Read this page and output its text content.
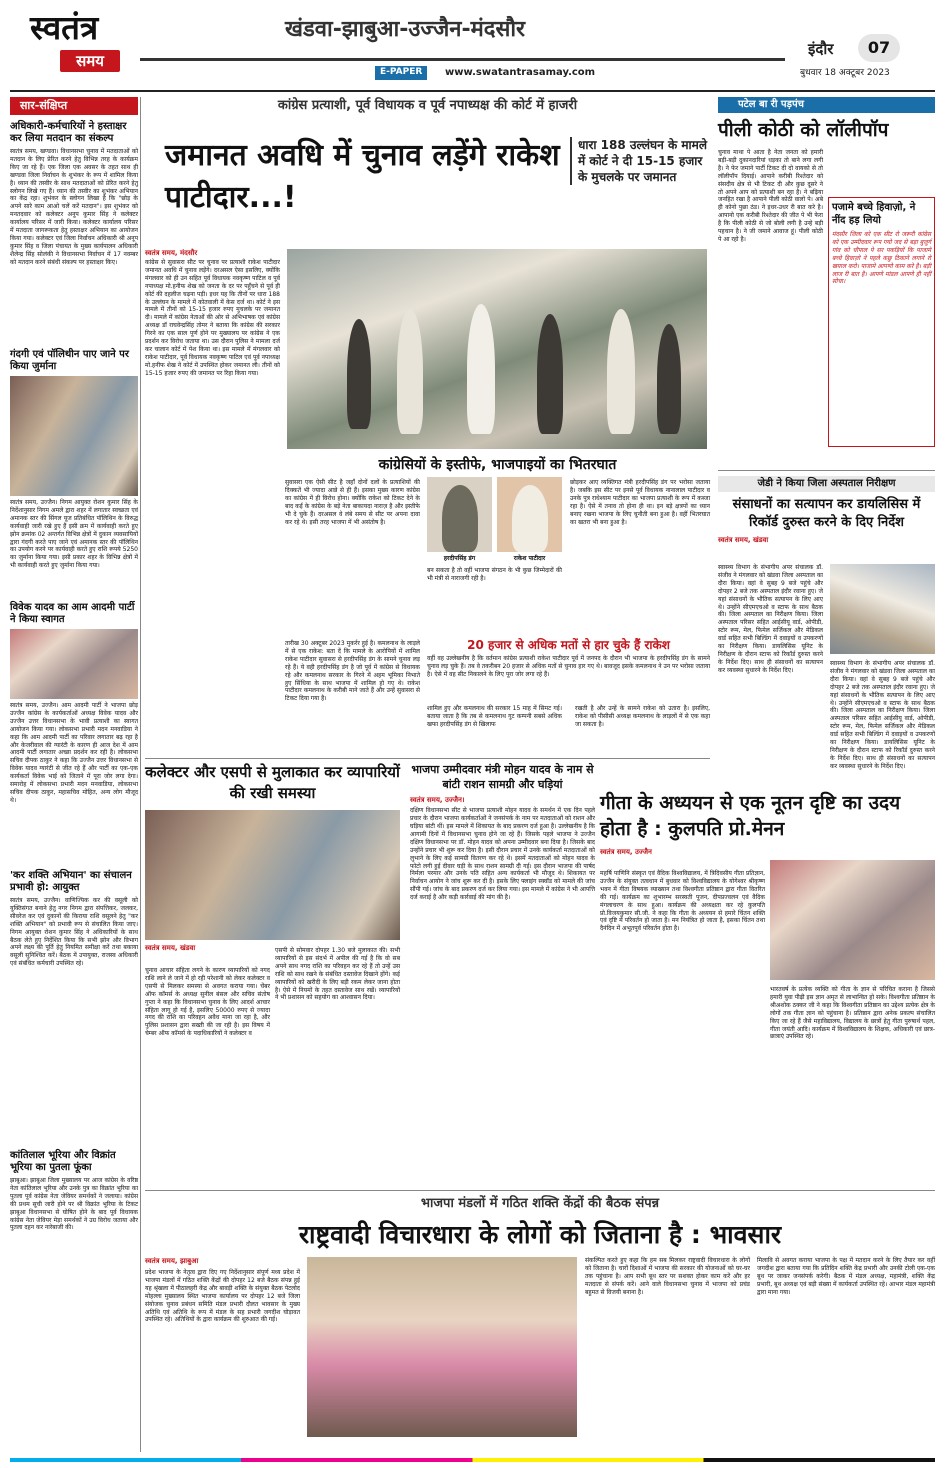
स्वतंत्र
समय
खंडवा-झाबुआ-उज्जैन-मंदसौर
E-PAPER	www.swatantrasamay.com
इंदौर	07
बुधवार 18 अक्टूबर 2023
सार-संक्षिप्त
अधिकारी-कर्मचारियों ने हस्ताक्षर कर लिया मतदान का संकल्प
स्वतंत्र समय, खण्डवा। विधानसभा चुनाव में मतदाताओं को मतदान के लिए प्रेरित करने हेतु विभिन्न तरह के कार्यक्रम किए जा रहे हैं। एक जिला एक अवसर के तहत साथ ही खण्डवा जिला निर्वाचन के शुभंकर के रूप में शामिल किया है। ध्यान की तस्वीर के साथ मतदाताओं को प्रेरित करने हेतु स्लोगन लिखे गए हैं। ध्यान की तस्वीर का शुभंकर अभियान का केंद्र रहा। शुभंकर के स्लोगन लिखा है कि "छोड़ के अपने सारे काम आओ चलें करें मतदान"। इस शुभंकर को मनतदवार को कलेक्टर अनूप कुमार सिंह ने कलेक्टर कार्यालय परिसर में जारी किया। कलेक्टर कार्यालय परिसर में मतदाता जागरूकता हेतु हस्ताक्षर अभियान का आयोजन किया गया। कलेक्टर एवं जिला निर्वाचन अधिकारी श्री अनूप कुमार सिंह व जिला पंचायत के मुख्य कार्यपालन अधिकारी शैलेन्द्र सिंह सोलंकी ने विधानसभा निर्वाचन में 17 नवम्बर को मतदान करने संबंधी संकल्प पर हस्ताक्षर किए।
गंदगी एवं पॉलिथीन पाए जाने पर किया जुर्माना
स्वतंत्र समय, उज्जैन। निगम आयुक्त रोशन कुमार सिंह के निर्देशानुसार निगम अमले द्वारा शहर में लगातार स्वच्छता एवं अमानक स्तर की सिंगल यूज प्रतिबंधित पॉलिथिन के विरुद्ध कार्यवाही जारी रखे हुए हैं इसी क्रम में कार्यवाही करते हुए झोन क्रमांक 02 अन्तर्गत विभिन्न क्षेत्रों में दुकान व्यवसायियों द्वारा गंदगी करते पाए जाने एवं अमानक स्तर की पॉलिथिन का उपयोग करने पर कार्यवाही करते हुए राशि रूपये 5250 का जुर्माना किया गया। इसी प्रकार शहर के विभिन्न क्षेत्रों में भी कार्यवाही करते हुए जुर्माना किया गया।
विवेक यादव का आम आदमी पार्टी ने किया स्वागत
स्वतंत्र समय, उज्जैन। आम आदमी पार्टी ने भाजपा छोड़ उज्जैन कांग्रेस के कार्यकर्ताओं अध्यक्ष विवेक यादव और उज्जैन उत्तर विधानसभा के भावी प्रत्याशी का स्वागत आयोजन किया गया। लोकसभा प्रभारी मदन मनवाडिया ने कहा कि आम आदमी पार्टी का परिवार लगातार बढ़ रहा है और केजरीवाल की ग्यारंटी के कारण ही आज देश में आम आदमी पार्टी लगातार अच्छा प्रदर्शन कर रही है। लोकसभा सचिव दीपक ठाकुर ने कहा कि उज्जैन उत्तर विधानसभा से विवेक यादव ग्यारंटी से जीत रहे हैं और पार्टी का एक-एक कार्यकर्ता विवेक भाई को जिताने में पूरा जोर लगा देगा। समारोह में लोकसभा प्रभारी मदन मनवाडिया, लोकसभा सचिव दीपक ठाकुर, महासचिव मोहित, अन्य लोग मौजूद थे।
'कर शक्ति अभियान' का संचालन प्रभावी हो: आयुक्त
स्वतंत्र समय, उज्जैन। वाणिज्यिक कर की वसूली को युक्तिसंगत बनाने हेतु नगर निगम द्वारा संपत्तिकर, जलकर, सीवरेज कर एवं दुकानों की किराया राशि वसूलने हेतु "कर शक्ति अभियान" को प्रभावी रूप से संचालित किया जाए। निगम आयुक्त रोशन कुमार सिंह ने अधिकारियों के साथ बैठक लेते हुए निर्देशित किया कि सभी झोन और विभाग अपने लक्ष्य की पूर्ति हेतु नियमित समीक्षा करें तथा बकाया वसूली सुनिश्चित करें। बैठक में उपायुक्त, राजस्व अधिकारी एवं संबंधित कर्मचारी उपस्थित रहे।
कांतिलाल भूरिया और विक्रांत भूरिया का पुतला फूंका
झाबुआ। झाबुआ जिला मुख्यालय पर आज कांग्रेस के वरिष्ठ नेता कांतिलाल भूरिया और उनके पुत्र का विक्रांत भूरिया का पुतला पूर्व कांग्रेस नेता जेवियर समर्थकों ने जलाया। कांग्रेस की प्रथम सूची जारी होने पर श्री विक्रांत भूरिया के टिकट झाबुआ विधानसभा से घोषित होने के बाद पूर्व विधायक कांग्रेस नेता जेवियर मेड़ा समर्थकों ने उग्र विरोध जताया और पुतला दहन कर नारेबाजी की।
कांग्रेस प्रत्याशी, पूर्व विधायक व पूर्व नपाध्यक्ष की कोर्ट में हाजरी
जमानत अवधि में चुनाव लड़ेंगे राकेश पाटीदार...!
धारा 188 उल्लंघन के मामले में कोर्ट ने दी 15-15 हजार के मुचलके पर जमानत
स्वतंत्र समय, मंदसौर
कांग्रेस से सुवासरा सीट पर चुनाव पर प्रत्याशी राकेश पाटीदार जमानत अवधि में चुनाव लड़ेंगे। दरअसल ऐसा इसलिए, क्योंकि मंगलवार को ही उन सहित पूर्व विधायक नवकृष्ण पाटिल व पूर्व नपाध्यक्ष मो.हनीफ शेख को जनता के दर पर पहुँचने से पूर्व ही कोर्ट की दहलीज चढ़ना पड़ी। इधर यह कि तीनों पर धारा 188 के उल्लंघन के मामले में कोतवाली में केस दर्ज था। कोर्ट ने इस मामले में तीनों को 15-15 हजार रुपए मुचलके पर जमानत दी। मामले में कांग्रेस नेताओं की ओर से अभिभाषक एवं कांग्रेस अध्यक्ष डॉ राघवेन्द्रसिंह तोमर ने बताया कि कांग्रेस की सरकार गिरने का एक साल पूर्ण होने पर मुख्यालय पर कांग्रेस ने एक प्रदर्शन कर विरोध जताया था। उस दौरान पुलिस ने मामला दर्ज कर चालान कोर्ट में पेश किया था। इस मामले में मंगलवार को राकेश पाटीदार, पूर्व विधायक नवकृष्ण पाटिल एवं पूर्व नपाध्यक्ष मो.हनीफ शेख ने कोर्ट में उपस्थित होकर जमानत ली। तीनों को 15-15 हजार रुपए की जमानत पर रिहा किया गया।
कांग्रेसियों के इस्तीफे, भाजपाइयों का भितरघात
सुवासरा एक ऐसी सीट है जहाँ दोनों दलों के प्रत्याशियों की दिक्कतें भी ज्यादा आन्ने से ही हैं। इसका मुख्य कारण कांग्रेस का कांग्रेस में ही विरोध होना। क्योंकि राकेश को टिकट देने के बाद कईं के कांग्रेस के बड़े नेता बाकायदा नाराज़ है और इस्तीफे भी दे चुके हैं। दरअसल वे लंबे समय से सीट पर अपना दावा कर रहे थे। इसी तरह भाजपा में भी असंतोष है।
हरदीपसिंह डंग	राकेश पाटीदार
बन सकता है तो वहीं भाजपा संगठन के भी कुछ जिम्मेदारों की भी मंत्री से नाराजगी रही है।
छोड़कर आए व्यक्तिगत मंत्री हरदीपसिंह डंग पर भरोसा जताया है। जबकि इस सीट पर इनसे पूर्व विधायक नानालाल पाटीदार व उनके पुत्र राधेश्याम पाटीदार का भाजपा प्रत्याशी के रूप में कब्जा रहा है। ऐसे में तनाव तो होना ही था। इन बड़े क्षत्रपों का ध्यान बनाए रखना भाजपा के लिए चुनौती बना हुआ है। वहीं भितरघात का खतरा भी बना हुआ है।
तारीख 30 अक्टूबर 2023 मुकर्रर हुई है। कमलनाथ के लाड़ले में से एक राकेश: बता दें कि मामले के आरोपियों में शामिल राकेश पाटीदार सुवासरा से हरदीपसिंह डंग के सामने चुनाव लड़ रहे हैं। ये वही हरदीपसिंह डंग है जो पूर्व में कांग्रेस से विधायक रहे और कमलनाथ सरकार के गिरने में अहम भूमिका निभाते हुए सिंधिया के साथ भाजपा में शामिल हो गए थे। राकेश पाटीदार कमलनाथ के करीबी माने जाते हैं और उन्हें सुवासरा से टिकट दिया गया है।
20 हजार से अधिक मतों से हार चुके हैं राकेश
वहीं वह उल्लेखनीय है कि वर्तमान कांग्रेस प्रत्याशी राकेश पाटीदार पूर्व में जनपद के दौरान भी भाजपा के हरदीपसिंह डंग के सामने चुनाव लड़ चुके हैं। तब वे तकरीबन 20 हजार से अधिक मतों से चुनाव हार गए थे। बावजूद इसके कमलनाथ ने उन पर भरोसा जताया है। ऐसे में वह सीट निकालने के लिए पूरा जोर लगा रहे हैं।
शामिल हुए और कमलनाथ की सरकार 15 माह में सिमट गई। बताया जाता है कि तब से कमलनाथ गुट कम्पनी सबसे अधिक खफा हरदीपसिंह डंग से खिलाफ
रखती है और उन्हें के सामने राकेश को उतारा है। इसलिए, राकेश को पीसीसी अध्यक्ष कमलनाथ के लाड़लों में से एक कहा जा सकता है।
पटेल बा री पड़पंच
पीली कोठी को लॉलीपॉप
चुनाव माथा पे आता है नेता जनता को हमारी बड़ी-बड़ी दुकानदारियां धड़का तो बाने लगा लगी है। ने फेर जमाने पार्टी टिकट दी दो वायको से तो लॉलीपॉप दियाई। आपाने करीबी रिश्तेदार को संसदीय क्षेत्र से भी टिकट दी और कुछ दूसरे ने तो अपने आप को प्रत्याशी बन रहा है। ने बढ़िया जनहित रखा है आपाने पीली कोठी वालो पे। अबे ही कोनो पुछा ठंड। ने इधर-उधर री बात करे है। आपानो एक करीबी रिश्तेदार की जीत पे भी फेरा है कि पीली कोठी से जो बोली लगी है उन्हे बड़ी पहचान है। ने जी जमाने आवाज हूं। पीली कोठी पे आ रहो है।
पजामे बच्चे हिवाज़ो, ने नींद हड़ लियो
मंदसौर जिला को एक सीट रो जरूरी कांग्रेस को एक उम्मीदवार रूप गयो जद से बड़ा बुजुर्ग गांव को चौपाल पे सर पकड़ियों कि पाजामे बच्चे हिवाज़ो ने पहले कछु ठिकाने लगाने रो खयाल करो। पाजामे आपणो काम करे है। बड़ी लाज री बात है। आपणे मांडल आपणे ही नहीं सोचा।
जेडी ने किया जिला अस्पताल निरीक्षण
संसाधनों का सत्यापन कर डायलिसिस में रिकॉर्ड दुरुस्त करने के दिए निर्देश
स्वतंत्र समय, खंडवा
स्वास्थ्य विभाग के संभागीय अपर संचालक डॉ. संजीव ने मंगलवार को खंडवा जिला अस्पताल का दौरा किया। वहां वे सुबह 9 बजे पहुंचे और दोपहर 2 बजे तक अस्पताल इंदौर रवाना हुए। जे यहां संसाधनों के भौतिक सत्यापन के लिए आए थे। उन्होंने सीएमएचओ व स्टाफ के साथ बैठक की। जिला अस्पताल का निरीक्षण किया। जिला अस्पताल परिसर सहित आईसीयू वार्ड, ओपीडी, स्टोर रूम, मेल, फिमेल सर्जिकल और मेडिकल वार्ड सहित सभी बिल्डिंग में दवाइयों व उपकरणों का निरीक्षण किया। डायलिसिस यूनिट के निरीक्षण के दौरान स्टाफ को रिकॉर्ड दुरुस्त करने के निर्देश दिए। साथ ही संसाधनों का सत्यापन कर व्यवस्था सुधारने के निर्देश दिए।
स्वास्थ्य विभाग के संभागीय अपर संचालक डॉ. संजीव ने मंगलवार को खंडवा जिला अस्पताल का दौरा किया। वहां वे सुबह 9 बजे पहुंचे और दोपहर 2 बजे तक अस्पताल इंदौर रवाना हुए। जे यहां संसाधनों के भौतिक सत्यापन के लिए आए थे। उन्होंने सीएमएचओ व स्टाफ के साथ बैठक की। जिला अस्पताल का निरीक्षण किया। जिला अस्पताल परिसर सहित आईसीयू वार्ड, ओपीडी, स्टोर रूम, मेल, फिमेल सर्जिकल और मेडिकल वार्ड सहित सभी बिल्डिंग में दवाइयों व उपकरणों का निरीक्षण किया। डायलिसिस यूनिट के निरीक्षण के दौरान स्टाफ को रिकॉर्ड दुरुस्त करने के निर्देश दिए। साथ ही संसाधनों का सत्यापन कर व्यवस्था सुधारने के निर्देश दिए।
कलेक्टर और एसपी से मुलाकात कर व्यापारियों की रखी समस्या
स्वतंत्र समय, खंडवा
चुनाव आचार संहिता लगने के कारण व्यापारियों को नगद राशि लाने ले जाने में हो रही परेशानी को लेकर कलेक्टर व एसपी से मिलकर समस्या से अवगत कराया गया। चेंबर ऑफ कॉमर्स के अध्यक्ष सुनील बंसल और सचिव संतोष गुप्ता ने कहा कि विधानसभा चुनाव के लिए आदर्श आचार संहिता लागू हो गई है, इसलिए 50000 रुपए से ज्यादा नगद की राशि का परिवहन अवैध माना जा रहा है, और पुलिस प्रशासन द्वारा सख्ती की जा रही है। इस विषय में चेम्बर ऑफ कॉमर्स के पदाधिकारियों ने कलेक्टर व
एसपी से सोमवार दोपहर 1.30 बजे मुलाकात की। सभी व्यापारियों से इस संदर्भ में अपील की गई है कि वो सब अपने साथ नगद राशि का परिवहन कर रहे हैं तो उन्हें उस राशि को साथ रखने के संबंधित दस्तावेज दिखाने होंगे। कई व्यापारियों को खरीदी के लिए बड़ी रकम लेकर जाना होता है। ऐसे में नियमों के तहत दस्तावेज साथ रखें। व्यापारियों ने भी प्रशासन को सहयोग का आश्वासन दिया।
भाजपा उम्मीदवार मंत्री मोहन यादव के नाम से बांटी राशन सामग्री और घड़ियां
स्वतंत्र समय, उज्जैन।
दक्षिण विधानसभा सीट से भाजपा प्रत्याशी मोहन यादव के समर्थन में एक दिन पहले प्रचार के दौरान भाजपा कार्यकर्ताओं ने जनसंपर्क के नाम पर मतदाताओं को राशन और घड़िया बांटी थीं। इस मामले में शिकायत के बाद प्रकरण दर्ज हुआ है। उल्लेखनीय है कि आगामी दिनों में विधानसभा चुनाव होने जा रहे हैं। जिसके पहले भाजपा ने उज्जैन दक्षिण विधानसभा पर डॉ. मोहन यादव को अपना उम्मीदवार बना दिया है। जिसके बाद उन्होंने प्रचार भी शुरू कर दिया है। इसी दौरान प्रचार में उनके कार्यकर्ता मतदाताओं को लुभाने के लिए कई सामग्री वितरण कर रहे थे। इसमें मतदाताओं को मोहन यादव के फोटो लगी हुई दीवार घड़ी के साथ राशन सामग्री दी गई। इस दौरान भाजपा की पार्षद निर्मला परमार और उनके पति सहित अन्य कार्यकर्ता भी मौजूद थे। शिकायत पर निर्वाचन आयोग ने जांच शुरू कर दी है। इसके लिए फ्लाइंग स्क्वॉड को मामले की जांच सौंपी गई। जांच के बाद प्रकरण दर्ज कर लिया गया। इस मामले में कांग्रेस ने भी आपत्ति दर्ज कराई है और कड़ी कार्रवाई की मांग की है।
गीता के अध्ययन से एक नूतन दृष्टि का उदय होता है : कुलपति प्रो.मेनन
स्वतंत्र समय, उज्जैन
महर्षि पाणिनि संस्कृत एवं वैदिक विश्वविद्यालय, में त्रिदिवसीय गीता प्रतिज्ञान, उज्जैन के संयुक्त तत्वधान में बुधवार को विश्वविद्यालय के योगेश्वर श्रीकृष्ण भवन में गीता विषयक व्याख्यान तथा विश्वगीता प्रतिष्ठान द्वारा गीता वितरित की गई। कार्यक्रम का शुभारम्भ सरस्वती पूजन, दीपप्रज्वलन एवं वैदिक मंगलाचरण के साथ हुआ। कार्यक्रम की अध्यक्षता कर रहे कुलपति प्रो.विजयकुमार सी.जी. ने कहा कि गीता के अध्ययन से हमारे चिंतन शक्ति एवं दृष्टि में परिवर्तन हो जाता है। मन नियंत्रित हो जाता है, इसका चिंतन तथा दैनंदिन में अभूतपूर्व परिवर्तन होता है।
भारतवर्ष के प्रत्येक व्यक्ति को गीता के ज्ञान से परिचित कराना है जिससे हमारी युवा पीढ़ी इस ज्ञान अमृत से लाभान्वित हो सके। विश्वगीता प्रतिष्ठान के श्रीअशोक ठक्कर जी ने कहा कि विश्वगीता प्रतिष्ठान का उद्देश्य प्रत्येक क्षेत्र के लोगों तक गीता ज्ञान को पहुंचाना है। प्रतिष्ठान द्वारा अनेक प्रकल्प संचालित किए जा रहे हैं जैसे महाविद्यालय, विद्यालय के छात्रों हेतु गीता पुरुषार्थ पहल, गीता जयंती आदि। कार्यक्रम में विश्वविद्यालय के शिक्षक, अधिकारी एवं छात्र-छात्राएं उपस्थित रहे।
भाजपा मंडलों में गठित शक्ति केंद्रों की बैठक संपन्न
राष्ट्रवादी विचारधारा के लोगों को जिताना है : भावसार
स्वतंत्र समय, झाबुआ
प्रदेश भाजपा के नेतृत्व द्वारा दिए गए निर्देशानुसार संपूर्ण मध्य प्रदेश में भाजपा मंडलों में गठित शक्ति केंद्रों की दोपहर 12 बजे बैठक संपन्न हुई यह श्रृंखला में पीठालहरी केंद्र और बावड़ी शक्ति के संयुक्त बैठक पेटलोद मोहल्ला मुख्यालय स्थित भाजपा कार्यालय पर दोपहर 12 बजे जिला संयोजक चुनाव प्रबंधन समिति मंडल प्रभारी दौलत भावसार के मुख्य अतिथि एवं अतिथि के रूप में मंडल के सह प्रभारी जगदीश घोड़ावत उपस्थित रहे। अतिथियों के द्वारा कार्यक्रम की शुरुआत की गई।
संकल्पित करते हुए कहा कि हम सब मिलकर राष्ट्रवादी विचारधारा के लोगों को जिताना है। चारों दिशाओं में भाजपा की सरकार की योजनाओं को घर-घर तक पहुंचाना है। आप सभी बूथ स्तर पर सशक्त होकर काम करें और हर मतदाता से संपर्क करें। आने वाले विधानसभा चुनाव में भाजपा को प्रचंड बहुमत से विजयी बनाना है।
मिलावि से अवगत कराया भाजपा के पक्ष में मतदान करने के लिए तैयार कर वहीं जगदीश द्वारा बताया गया कि प्रतिदिन शक्ति केंद्र प्रभारी और उनकी टोली एक-एक बूथ पर जाकर जनसंपर्क करेगी। बैठक में मंडल अध्यक्ष, महामंत्री, शक्ति केंद्र प्रभारी, बूथ अध्यक्ष एवं बड़ी संख्या में कार्यकर्ता उपस्थित रहे। आभार मंडल महामंत्री द्वारा माना गया।
